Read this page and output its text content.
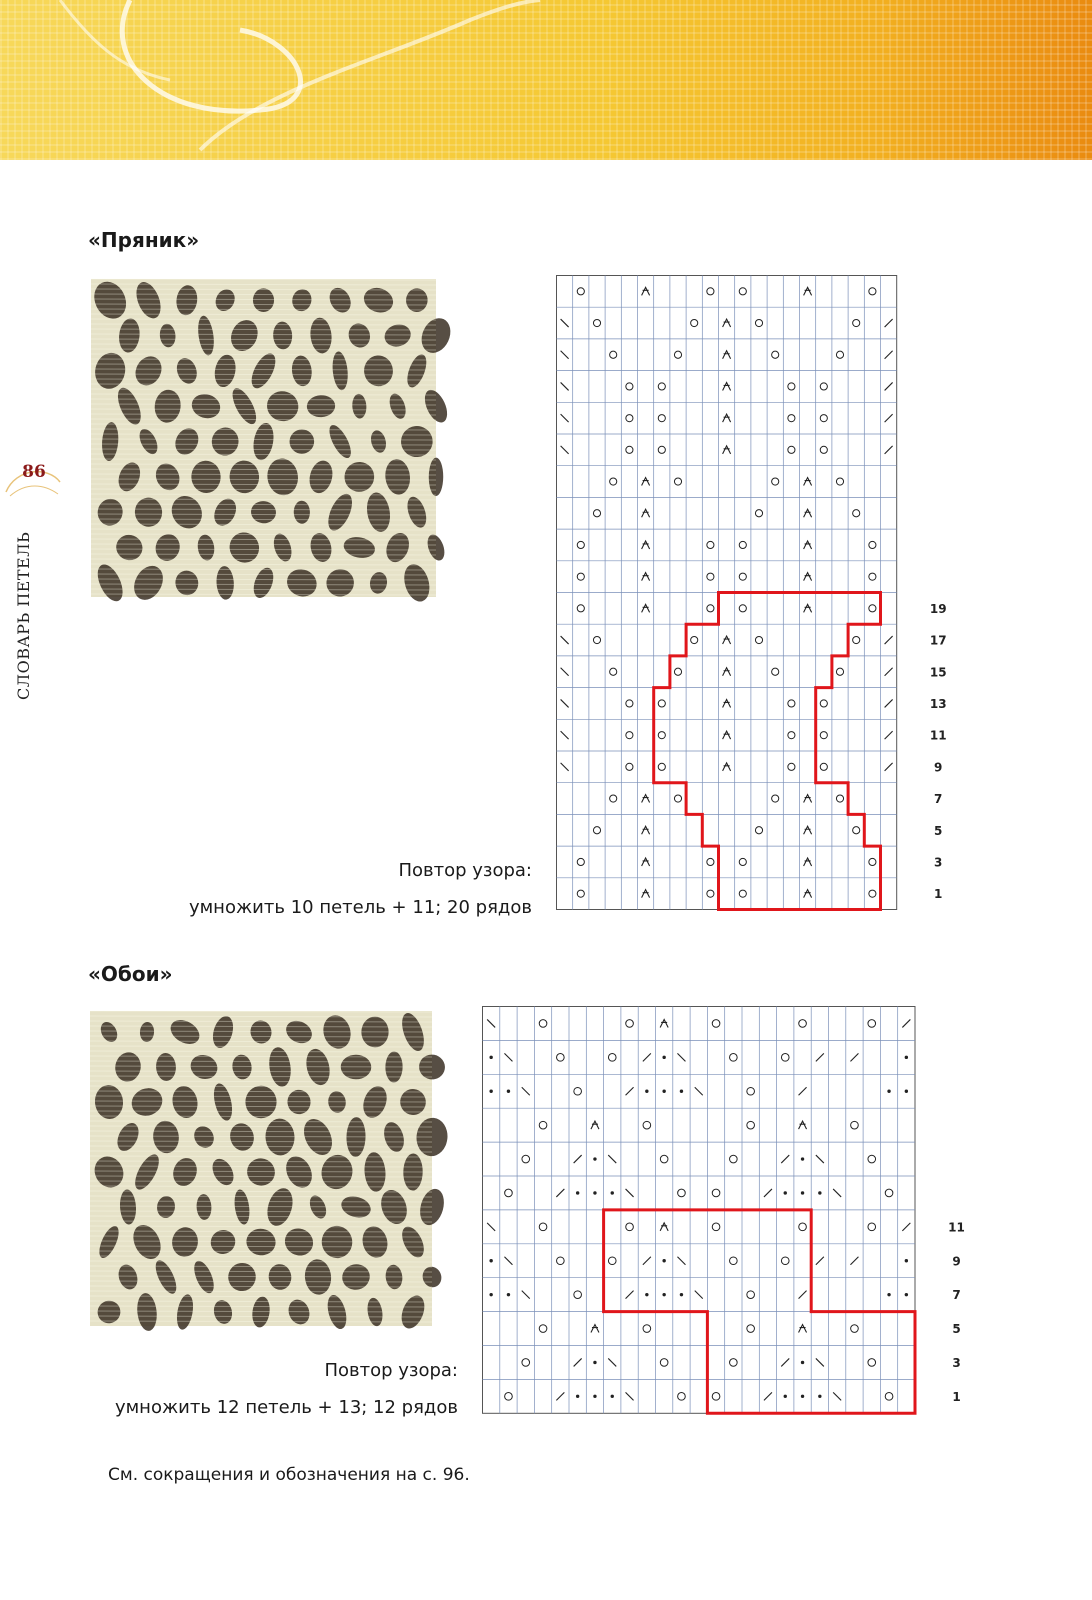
86
СЛОВАРЬ ПЕТЕЛЬ
«Пряник»
Повтор узора:
умножить 10 петель + 11; 20 рядов
19
17
15
13
11
9
7
5
3
1
«Обои»
Повтор узора:
умножить 12 петель + 13; 12 рядов
11
9
7
5
3
1
См. сокращения и обозначения на с. 96.
